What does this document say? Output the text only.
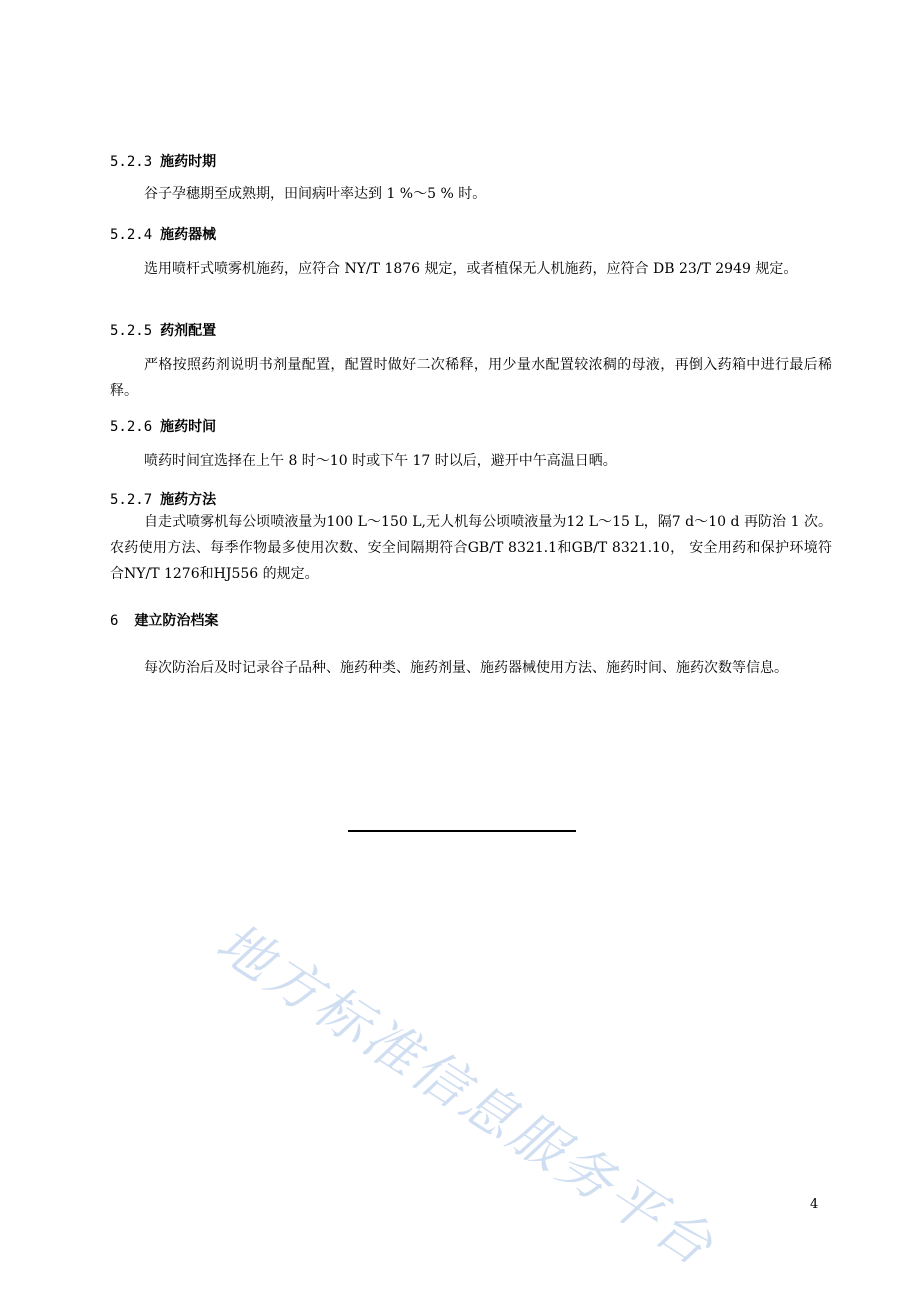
5.2.3 施药时期
谷子孕穗期至成熟期，田间病叶率达到 1 %～5 % 时。
5.2.4 施药器械
选用喷杆式喷雾机施药，应符合 NY/T 1876 规定，或者植保无人机施药，应符合 DB 23/T 2949 规定。
5.2.5 药剂配置
严格按照药剂说明书剂量配置，配置时做好二次稀释，用少量水配置较浓稠的母液，再倒入药箱中进行最后稀释。
5.2.6 施药时间
喷药时间宜选择在上午 8 时～10 时或下午 17 时以后，避开中午高温日晒。
5.2.7 施药方法
自走式喷雾机每公顷喷液量为100 L～150 L,无人机每公顷喷液量为12 L～15 L，隔7 d～10 d 再防治 1 次。农药使用方法、每季作物最多使用次数、安全间隔期符合GB/T 8321.1和GB/T 8321.10， 安全用药和保护环境符合NY/T 1276和HJ556 的规定。
6 建立防治档案
每次防治后及时记录谷子品种、施药种类、施药剂量、施药器械使用方法、施药时间、施药次数等信息。
地方标准信息服务平台	4
